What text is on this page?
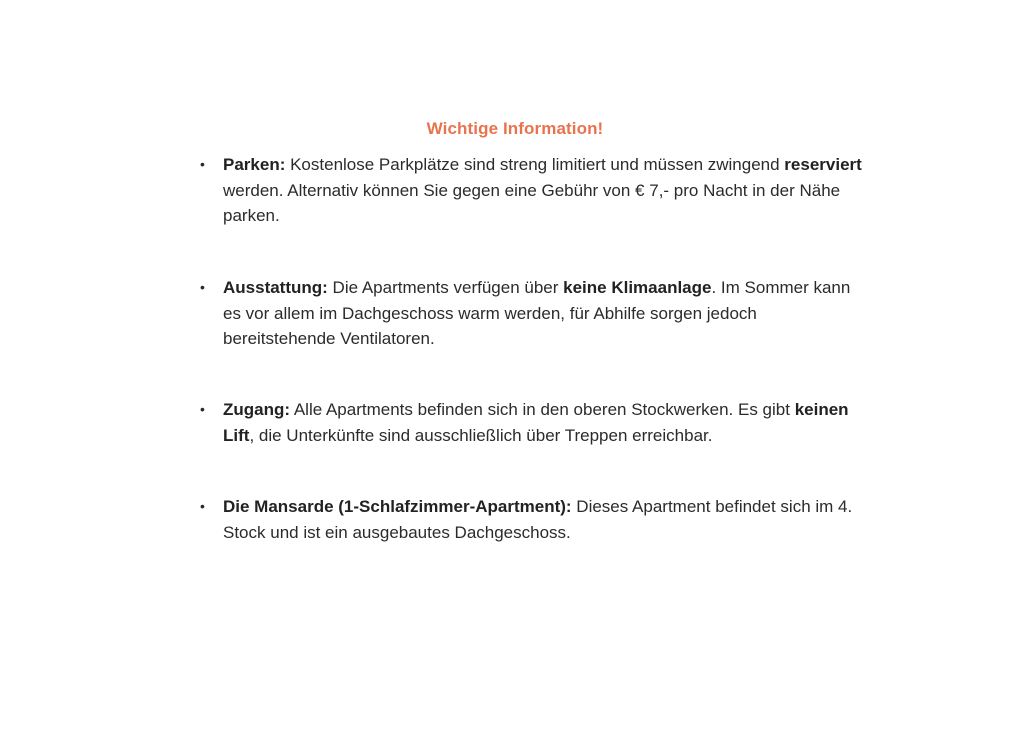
Wichtige Information!
• Parken: Kostenlose Parkplätze sind streng limitiert und müssen zwingend reserviert werden. Alternativ können Sie gegen eine Gebühr von € 7,- pro Nacht in der Nähe parken.
• Ausstattung: Die Apartments verfügen über keine Klimaanlage. Im Sommer kann es vor allem im Dachgeschoss warm werden, für Abhilfe sorgen jedoch bereitstehende Ventilatoren.
• Zugang: Alle Apartments befinden sich in den oberen Stockwerken. Es gibt keinen Lift, die Unterkünfte sind ausschließlich über Treppen erreichbar.
• Die Mansarde (1-Schlafzimmer-Apartment): Dieses Apartment befindet sich im 4. Stock und ist ein ausgebautes Dachgeschoss.
